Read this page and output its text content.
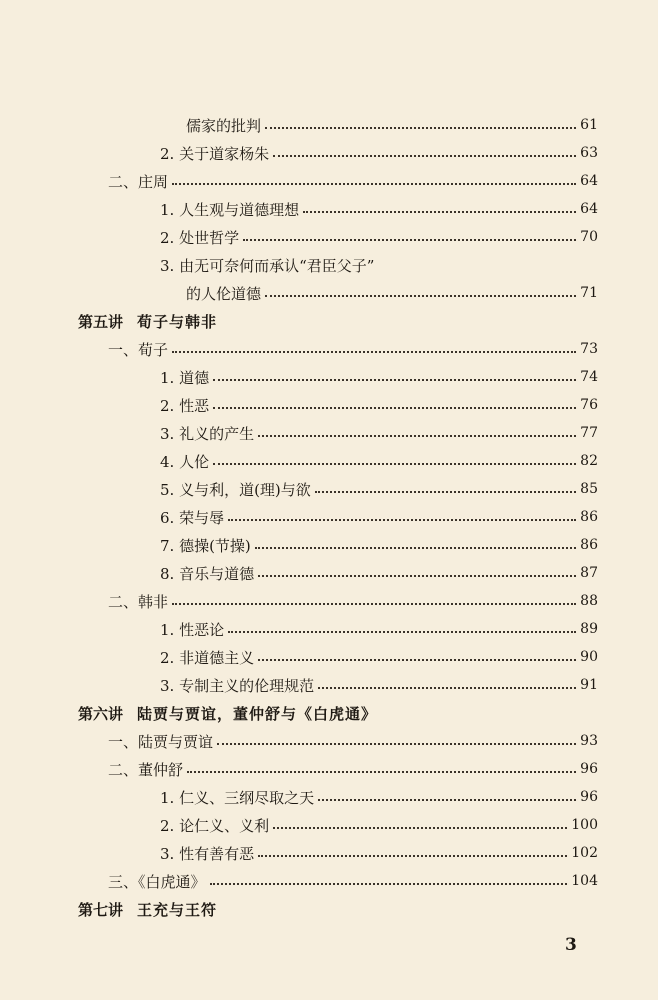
儒家的批判	61
2. 关于道家杨朱	63
二、庄周	64
1. 人生观与道德理想	64
2. 处世哲学	70
3. 由无可奈何而承认“君臣父子”
的人伦道德	71
第五讲 荀子与韩非
一、荀子	73
1. 道德	74
2. 性恶	76
3. 礼义的产生	77
4. 人伦	82
5. 义与利，道(理)与欲	85
6. 荣与辱	86
7. 德操(节操)	86
8. 音乐与道德	87
二、韩非	88
1. 性恶论	89
2. 非道德主义	90
3. 专制主义的伦理规范	91
第六讲 陆贾与贾谊，董仲舒与《白虎通》
一、陆贾与贾谊	93
二、董仲舒	96
1. 仁义、三纲尽取之天	96
2. 论仁义、义利	100
3. 性有善有恶	102
三、《白虎通》	104
第七讲 王充与王符
3
